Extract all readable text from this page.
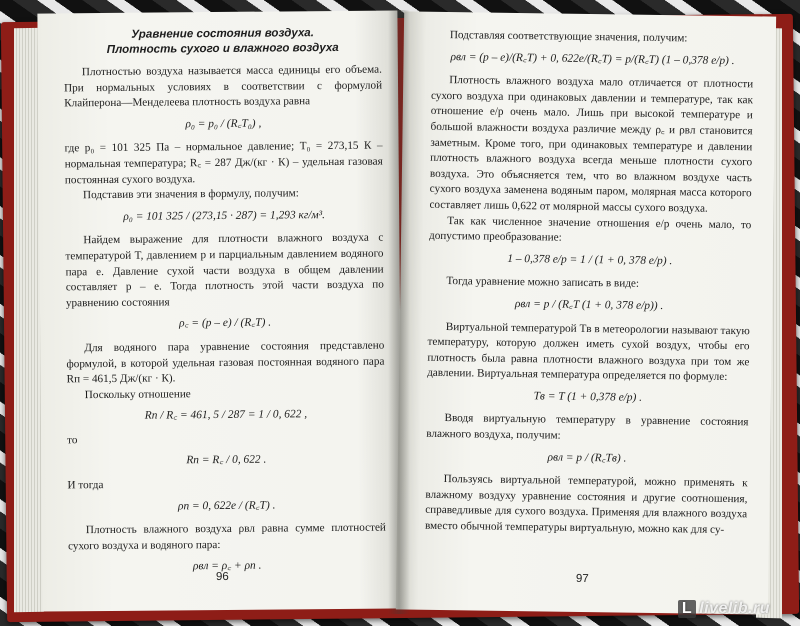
Уравнение состояния воздуха.
Плотность сухого и влажного воздуха

Плотностью воздуха называется масса единицы его объема. При нормальных условиях в соответствии с формулой Клайперона—Менделеева плотность воздуха равна

ρ₀ = p₀ / (R꜀T₀) ,

где p₀ = 101 325 Па – нормальное давление; T₀ = 273,15 К – нормальная температура; R꜀ = 287 Дж/(кг · К) – удельная газовая постоянная сухого воздуха.

Подставив эти значения в формулу, получим:

ρ₀ = 101 325 / (273,15 · 287) = 1,293 кг/м³.

Найдем выражение для плотности влажного воздуха с температурой T, давлением p и парциальным давлением водяного пара e. Давление сухой части воздуха в общем давлении составляет p – e. Тогда плотность этой части воздуха по уравнению состояния

ρ꜀ = (p – e) / (R꜀T) .

Для водяного пара уравнение состояния представлено формулой, в которой удельная газовая постоянная водяного пара Rп = 461,5 Дж/(кг · К).

Поскольку отношение

Rп / R꜀ = 461, 5 / 287 = 1 / 0, 622 ,

то

Rп = R꜀ / 0, 622 .

И тогда

ρп = 0, 622e / (R꜀T) .

Плотность влажного воздуха ρвл равна сумме плотностей сухого воздуха и водяного пара:

ρвл = ρ꜀ + ρп .
96

Подставляя соответствующие значения, получим:

ρвл = (p – e)/(R꜀T) + 0, 622e/(R꜀T) = p/(R꜀T) (1 – 0,378 e/p) .

Плотность влажного воздуха мало отличается от плотности сухого воздуха при одинаковых давлении и температуре, так как отношение e/p очень мало. Лишь при высокой температуре и большой влажности воздуха различие между ρ꜀ и ρвл становится заметным. Кроме того, при одинаковых температуре и давлении плотность влажного воздуха всегда меньше плотности сухого воздуха. Это объясняется тем, что во влажном воздухе часть сухого воздуха заменена водяным паром, молярная масса которого составляет лишь 0,622 от молярной массы сухого воздуха.

Так как численное значение отношения e/p очень мало, то допустимо преобразование:

1 – 0,378 e/p = 1 / (1 + 0, 378 e/p) .

Тогда уравнение можно записать в виде:

ρвл = p / (R꜀T (1 + 0, 378 e/p)) .

Виртуальной температурой Tв в метеорологии называют такую температуру, которую должен иметь сухой воздух, чтобы его плотность была равна плотности влажного воздуха при том же давлении. Виртуальная температура определяется по формуле:

Tв = T (1 + 0,378 e/p) .

Вводя виртуальную температуру в уравнение состояния влажного воздуха, получим:

ρвл = p / (R꜀Tв) .

Пользуясь виртуальной температурой, можно применять к влажному воздуху уравнение состояния и другие соотношения, справедливые для сухого воздуха. Применяя для влажного воздуха вместо обычной температуры виртуальную, можно как для су-

97
L livelib.ru
